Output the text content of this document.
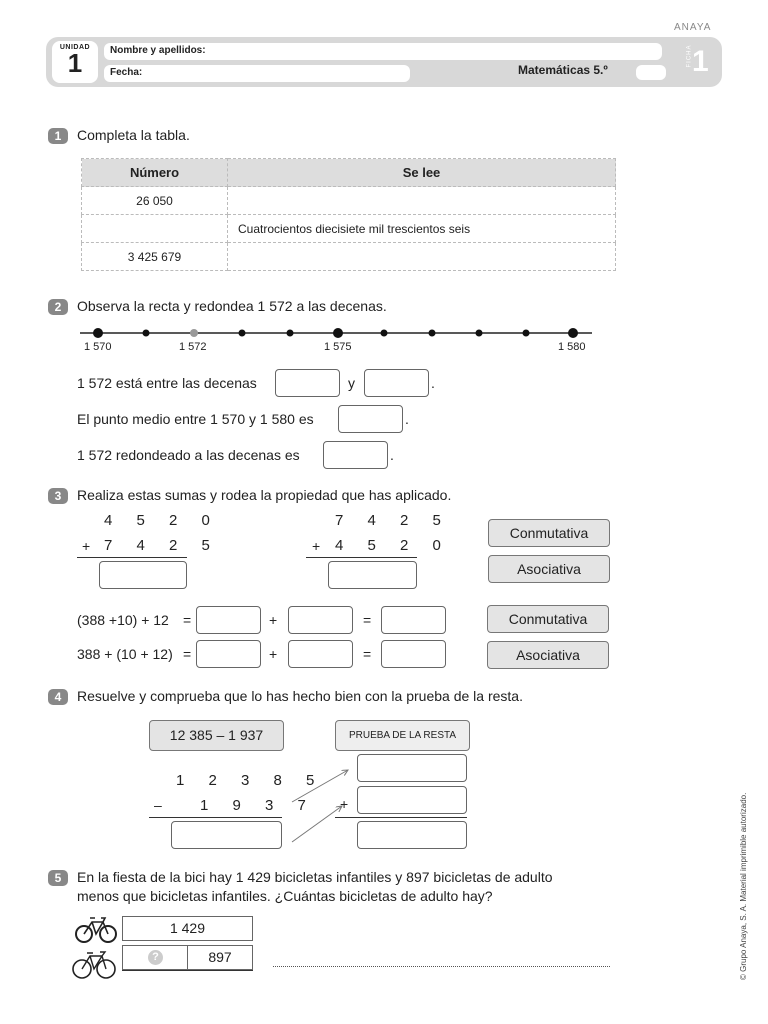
ANAYA
UNIDAD
1	Nombre y apellidos:
Fecha:	Matemáticas 5.º
FICHA 1
1	Completa la tabla.
Número	Se lee
26 050	
	Cuatrocientos diecisiete mil trescientos seis
3 425 679	
2	Observa la recta y redondea 1 572 a las decenas.
1 570	1 572	1 575	1 580
1 572 está entre las decenas	y	.
El punto medio entre 1 570 y 1 580 es	.
1 572 redondeado a las decenas es	.
3	Realiza estas sumas y rodea la propiedad que has aplicado.
4 5 2 0
+ 7 4 2 5
7 4 2 5
+ 4 5 2 0
Conmutativa
Asociativa
(388 +10) + 12 =	+	=
388 + (10 + 12) =	+	=
Conmutativa
Asociativa
4	Resuelve y comprueba que lo has hecho bien con la prueba de la resta.
12 385 – 1 937	PRUEBA DE LA RESTA
1 2 3 8 5
–	1 9 3 7 +
5	En la fiesta de la bici hay 1 429 bicicletas infantiles y 897 bicicletas de adulto
menos que bicicletas infantiles. ¿Cuántas bicicletas de adulto hay?
1 429
?	897	© Grupo Anaya, S. A. Material imprimible autorizado.
